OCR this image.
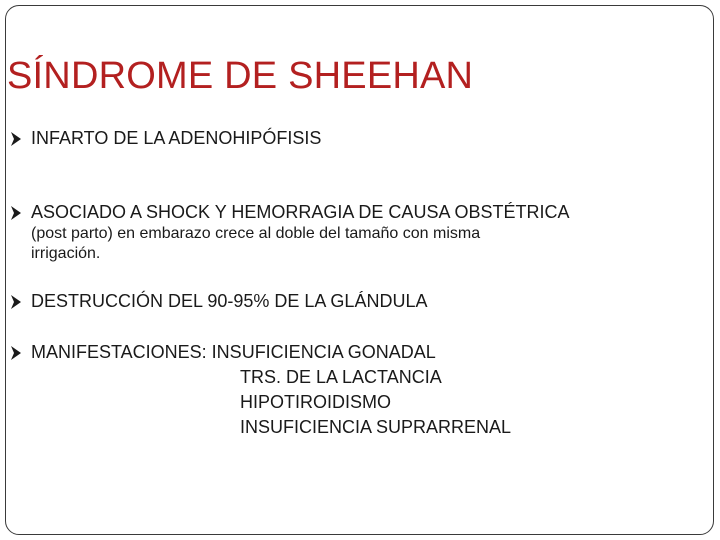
SÍNDROME DE SHEEHAN
INFARTO DE LA ADENOHIPÓFISIS
ASOCIADO A SHOCK Y HEMORRAGIA DE CAUSA OBSTÉTRICA
(post parto) en embarazo crece al doble del tamaño con misma
irrigación.
DESTRUCCIÓN DEL 90-95% DE LA GLÁNDULA
MANIFESTACIONES: INSUFICIENCIA GONADAL
TRS. DE LA LACTANCIA
HIPOTIROIDISMO
INSUFICIENCIA SUPRARRENAL
